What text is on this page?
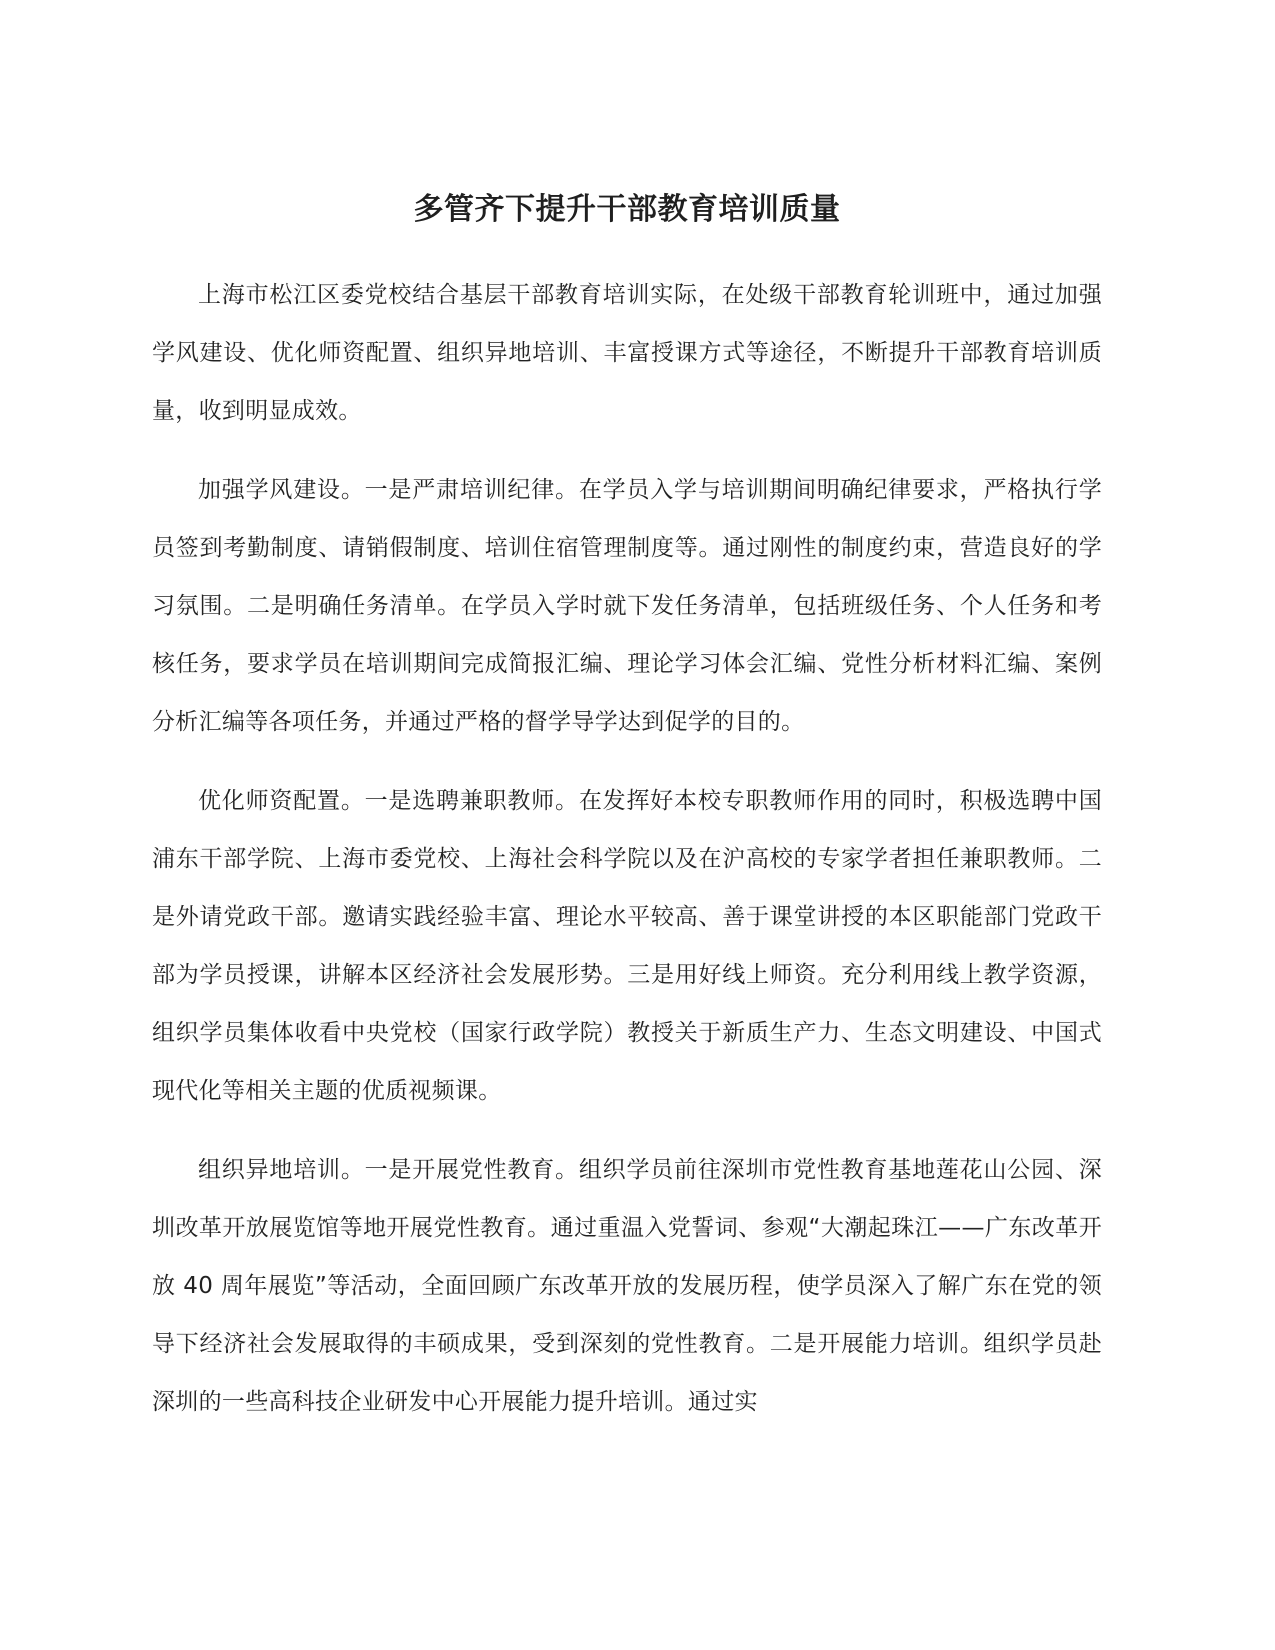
多管齐下提升干部教育培训质量

上海市松江区委党校结合基层干部教育培训实际，在处级干部教育轮训班中，通过加强学风建设、优化师资配置、组织异地培训、丰富授课方式等途径，不断提升干部教育培训质量，收到明显成效。

加强学风建设。一是严肃培训纪律。在学员入学与培训期间明确纪律要求，严格执行学员签到考勤制度、请销假制度、培训住宿管理制度等。通过刚性的制度约束，营造良好的学习氛围。二是明确任务清单。在学员入学时就下发任务清单，包括班级任务、个人任务和考核任务，要求学员在培训期间完成简报汇编、理论学习体会汇编、党性分析材料汇编、案例分析汇编等各项任务，并通过严格的督学导学达到促学的目的。

优化师资配置。一是选聘兼职教师。在发挥好本校专职教师作用的同时，积极选聘中国浦东干部学院、上海市委党校、上海社会科学院以及在沪高校的专家学者担任兼职教师。二是外请党政干部。邀请实践经验丰富、理论水平较高、善于课堂讲授的本区职能部门党政干部为学员授课，讲解本区经济社会发展形势。三是用好线上师资。充分利用线上教学资源，组织学员集体收看中央党校（国家行政学院）教授关于新质生产力、生态文明建设、中国式现代化等相关主题的优质视频课。

组织异地培训。一是开展党性教育。组织学员前往深圳市党性教育基地莲花山公园、深圳改革开放展览馆等地开展党性教育。通过重温入党誓词、参观“大潮起珠江——广东改革开放 40 周年展览”等活动，全面回顾广东改革开放的发展历程，使学员深入了解广东在党的领导下经济社会发展取得的丰硕成果，受到深刻的党性教育。二是开展能力培训。组织学员赴深圳的一些高科技企业研发中心开展能力提升培训。通过实
